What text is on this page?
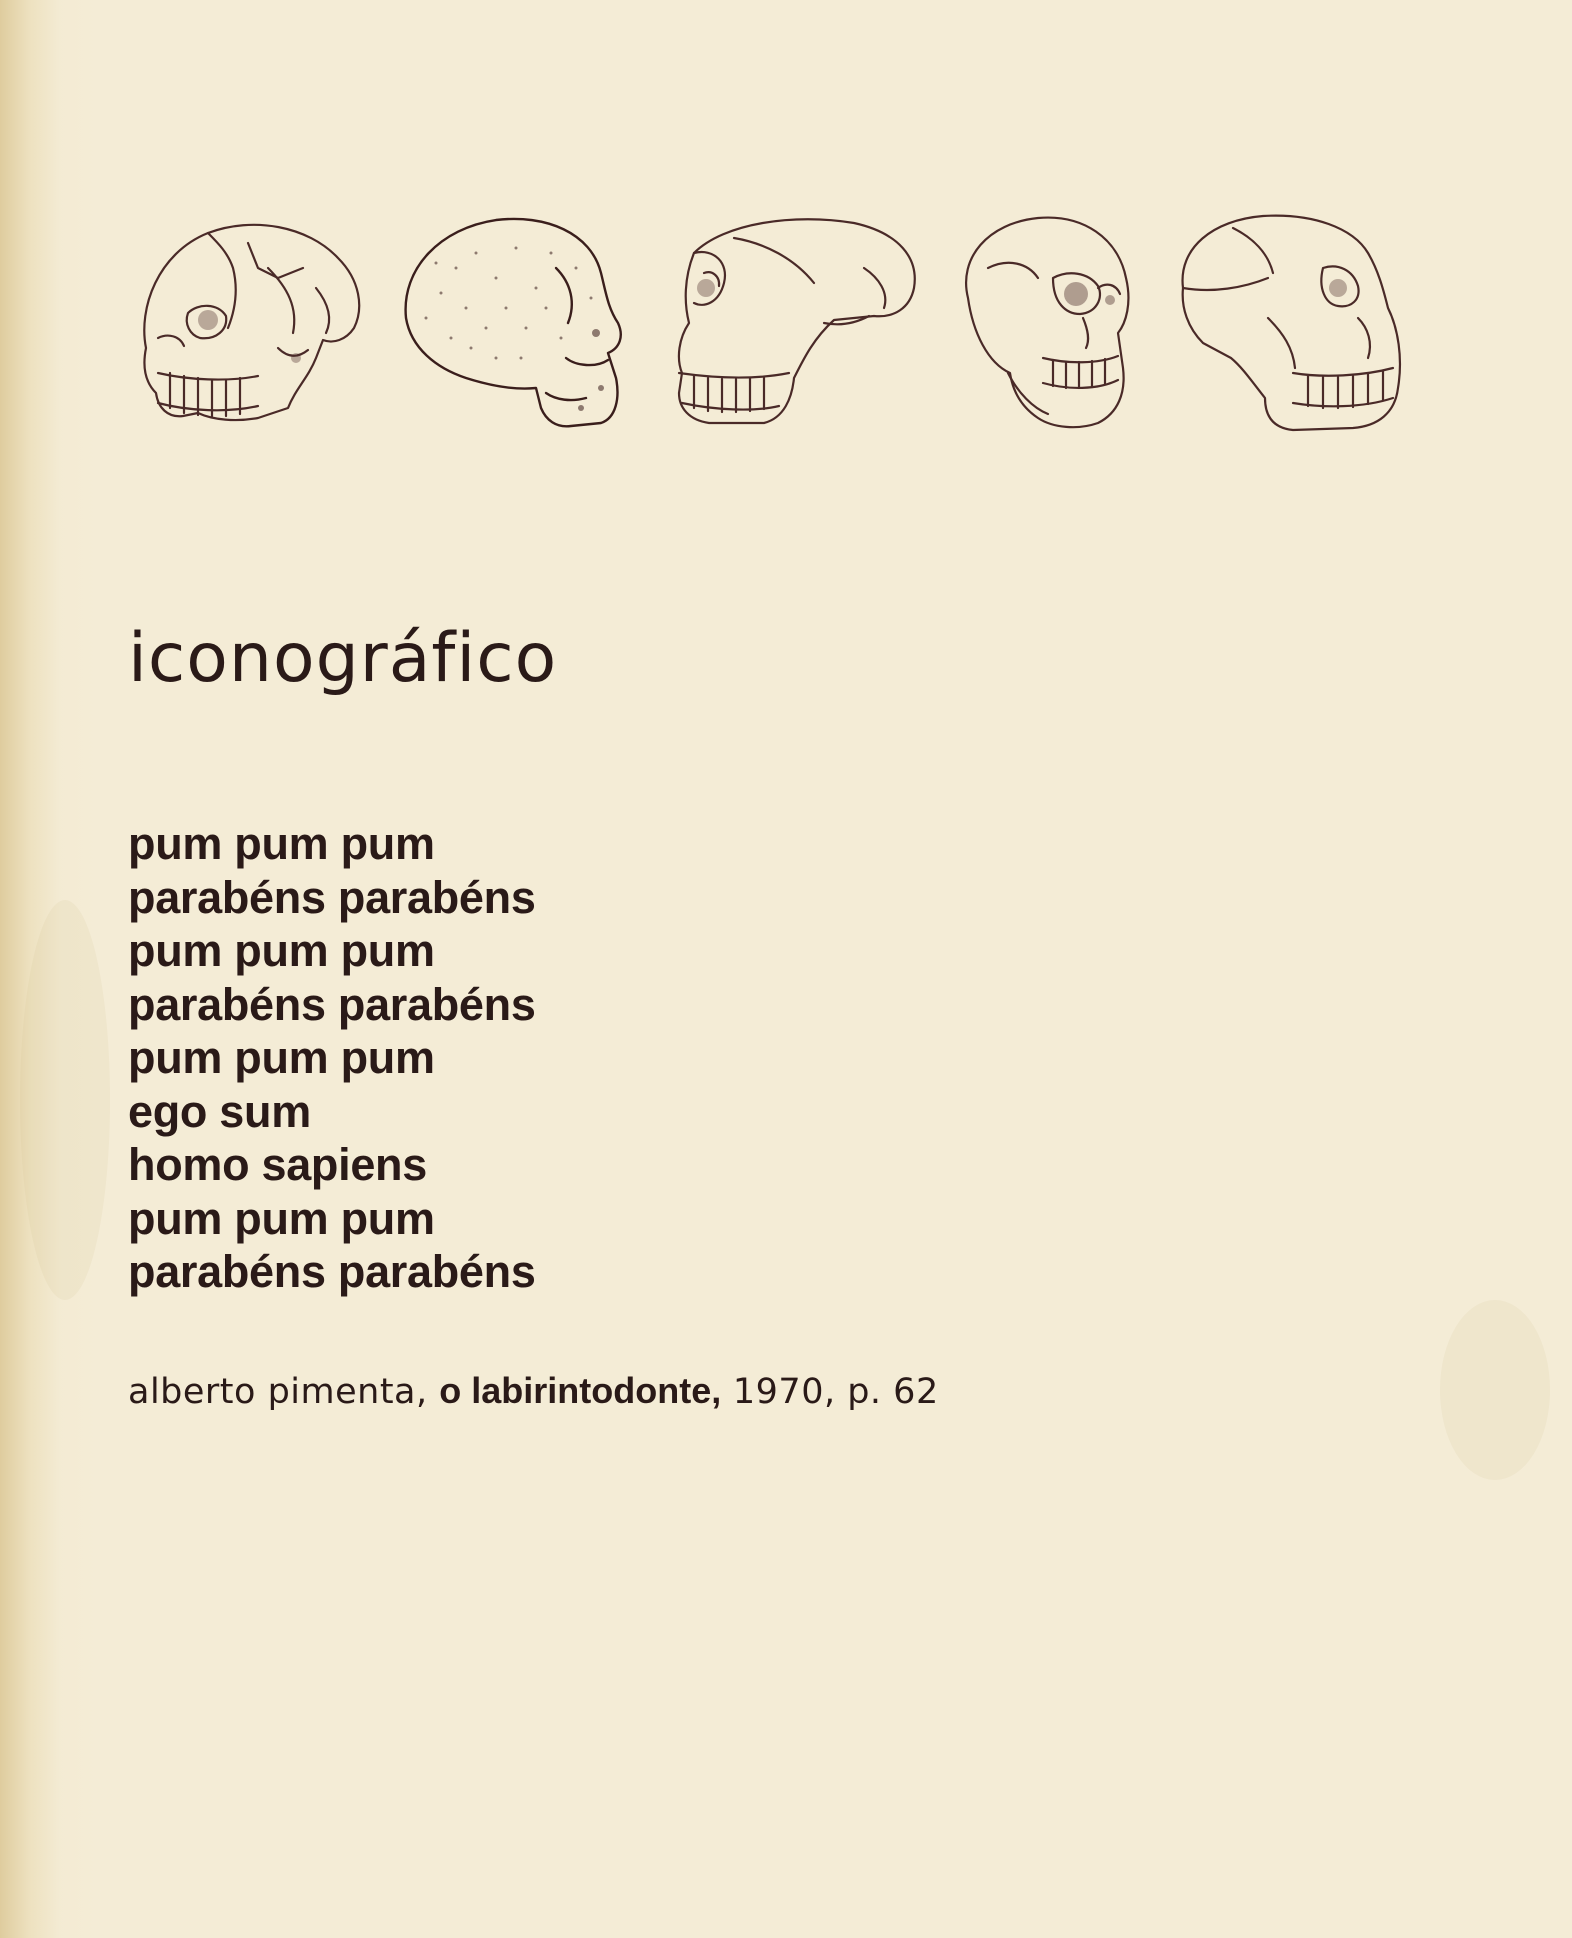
iconográfico
pum pum pum
parabéns parabéns
pum pum pum
parabéns parabéns
pum pum pum
ego sum
homo sapiens
pum pum pum
parabéns parabéns
alberto pimenta, o labirintodonte, 1970, p. 62
